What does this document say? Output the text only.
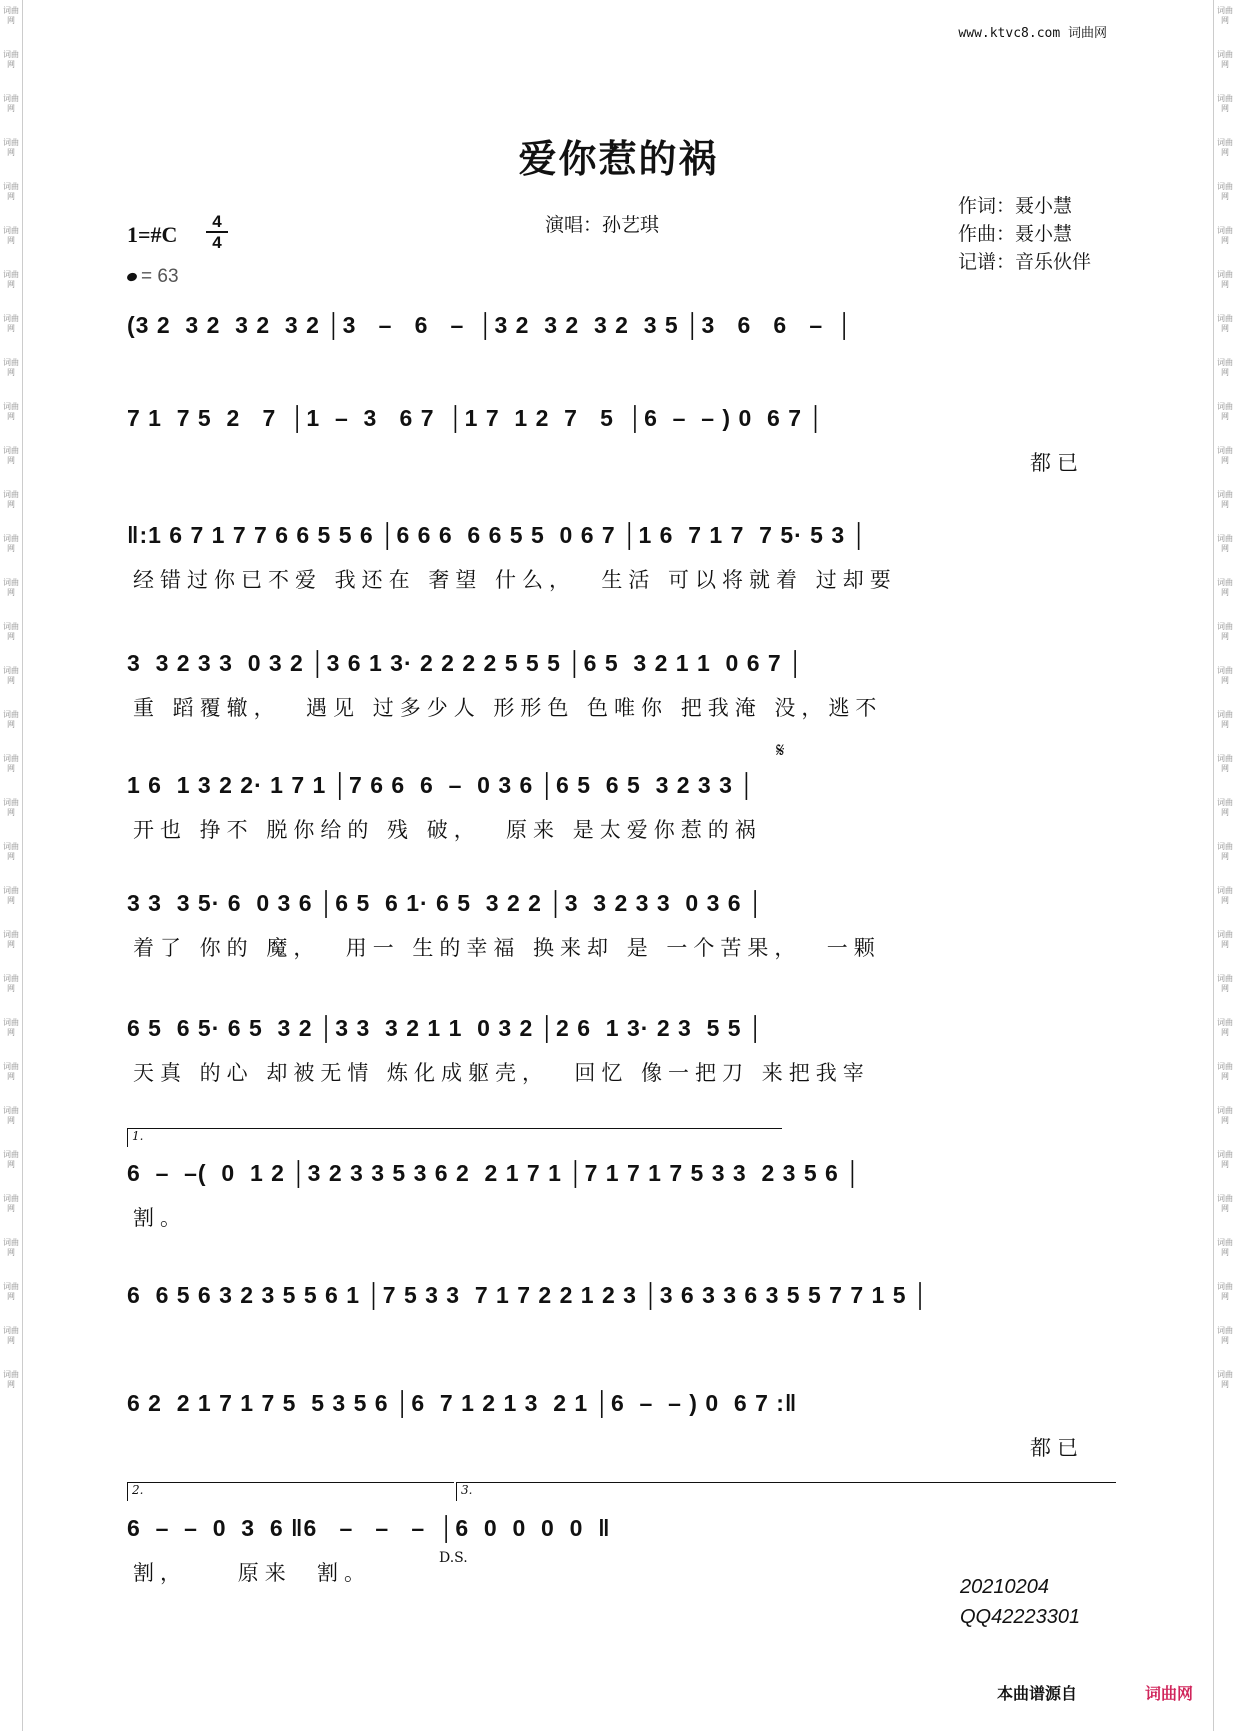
词曲网
词曲网
词曲网
词曲网
词曲网
词曲网
词曲网
词曲网
词曲网
词曲网
词曲网
词曲网
词曲网
词曲网
词曲网
词曲网
词曲网
词曲网
词曲网
词曲网
词曲网
词曲网
词曲网
词曲网
词曲网
词曲网
词曲网
词曲网
词曲网
词曲网
词曲网
词曲网
词曲网
词曲网
词曲网
词曲网
词曲网
词曲网
词曲网
词曲网
词曲网
词曲网
词曲网
词曲网
词曲网
词曲网
词曲网
词曲网
词曲网
词曲网
词曲网
词曲网
词曲网
词曲网
词曲网
词曲网
词曲网
词曲网
词曲网
词曲网
词曲网
词曲网
词曲网
词曲网
www.ktvc8.com 词曲网
爱你惹的祸
演唱：孙艺琪
作词：聂小慧
作曲：聂小慧
记谱：音乐伙伴
1=#C
4
4
= 63
(3 2  3 2  3 2  3 2 │3   –   6   –  │3 2  3 2  3 2  3 5 │3   6   6   –  │
7 1  7 5  2   7  │1  –  3   6 7  │1 7  1 2  7   5  │6  –  – ) 0  6 7 │
都已
‖:1 6 7 1 7 7 6 6 5 5 6 │6 6 6  6 6 5 5  0 6 7 │1 6  7 1 7  7 5· 5 3 │
经错过你已不爱 我还在 奢望 什么，  生活 可以将就着 过却要
3  3 2 3 3  0 3 2 │3 6 1 3· 2 2 2 2 5 5 5 │6 5  3 2 1 1  0 6 7 │
重 蹈覆辙，  遇见 过多少人 形形色 色唯你 把我淹 没，逃不
1 6  1 3 2 2· 1 7 1 │7 6 6  6  –  0 3 6 │6 5  6 5  3 2 3 3 │
开也 挣不 脱你给的 残 破，  原来 是太爱你惹的祸
3 3  3 5· 6  0 3 6 │6 5  6 1· 6 5  3 2 2 │3  3 2 3 3  0 3 6 │
着了 你的 魔，  用一 生的幸福 换来却 是 一个苦果，  一颗
6 5  6 5· 6 5  3 2 │3 3  3 2 1 1  0 3 2 │2 6  1 3· 2 3  5 5 │
天真 的心 却被无情 炼化成躯壳，  回忆 像一把刀 来把我宰
6  –  –(  0  1 2 │3 2 3 3 5 3 6 2  2 1 7 1 │7 1 7 1 7 5 3 3  2 3 5 6 │
割。
6  6 5 6 3 2 3 5 5 6 1 │7 5 3 3  7 1 7 2 2 1 2 3 │3 6 3 3 6 3 5 5 7 7 1 5 │
6 2  2 1 7 1 7 5  5 3 5 6 │6  7 1 2 1 3  2 1 │6  –  – ) 0  6 7 :‖
都已
6  –  –  0  3  6 ‖6   –   –   –  │6  0  0  0  0  ‖
割，    原来  割。
1.
2.	3.
𝄋
D.S.
20210204
QQ42223301
本曲谱源自	词曲网
